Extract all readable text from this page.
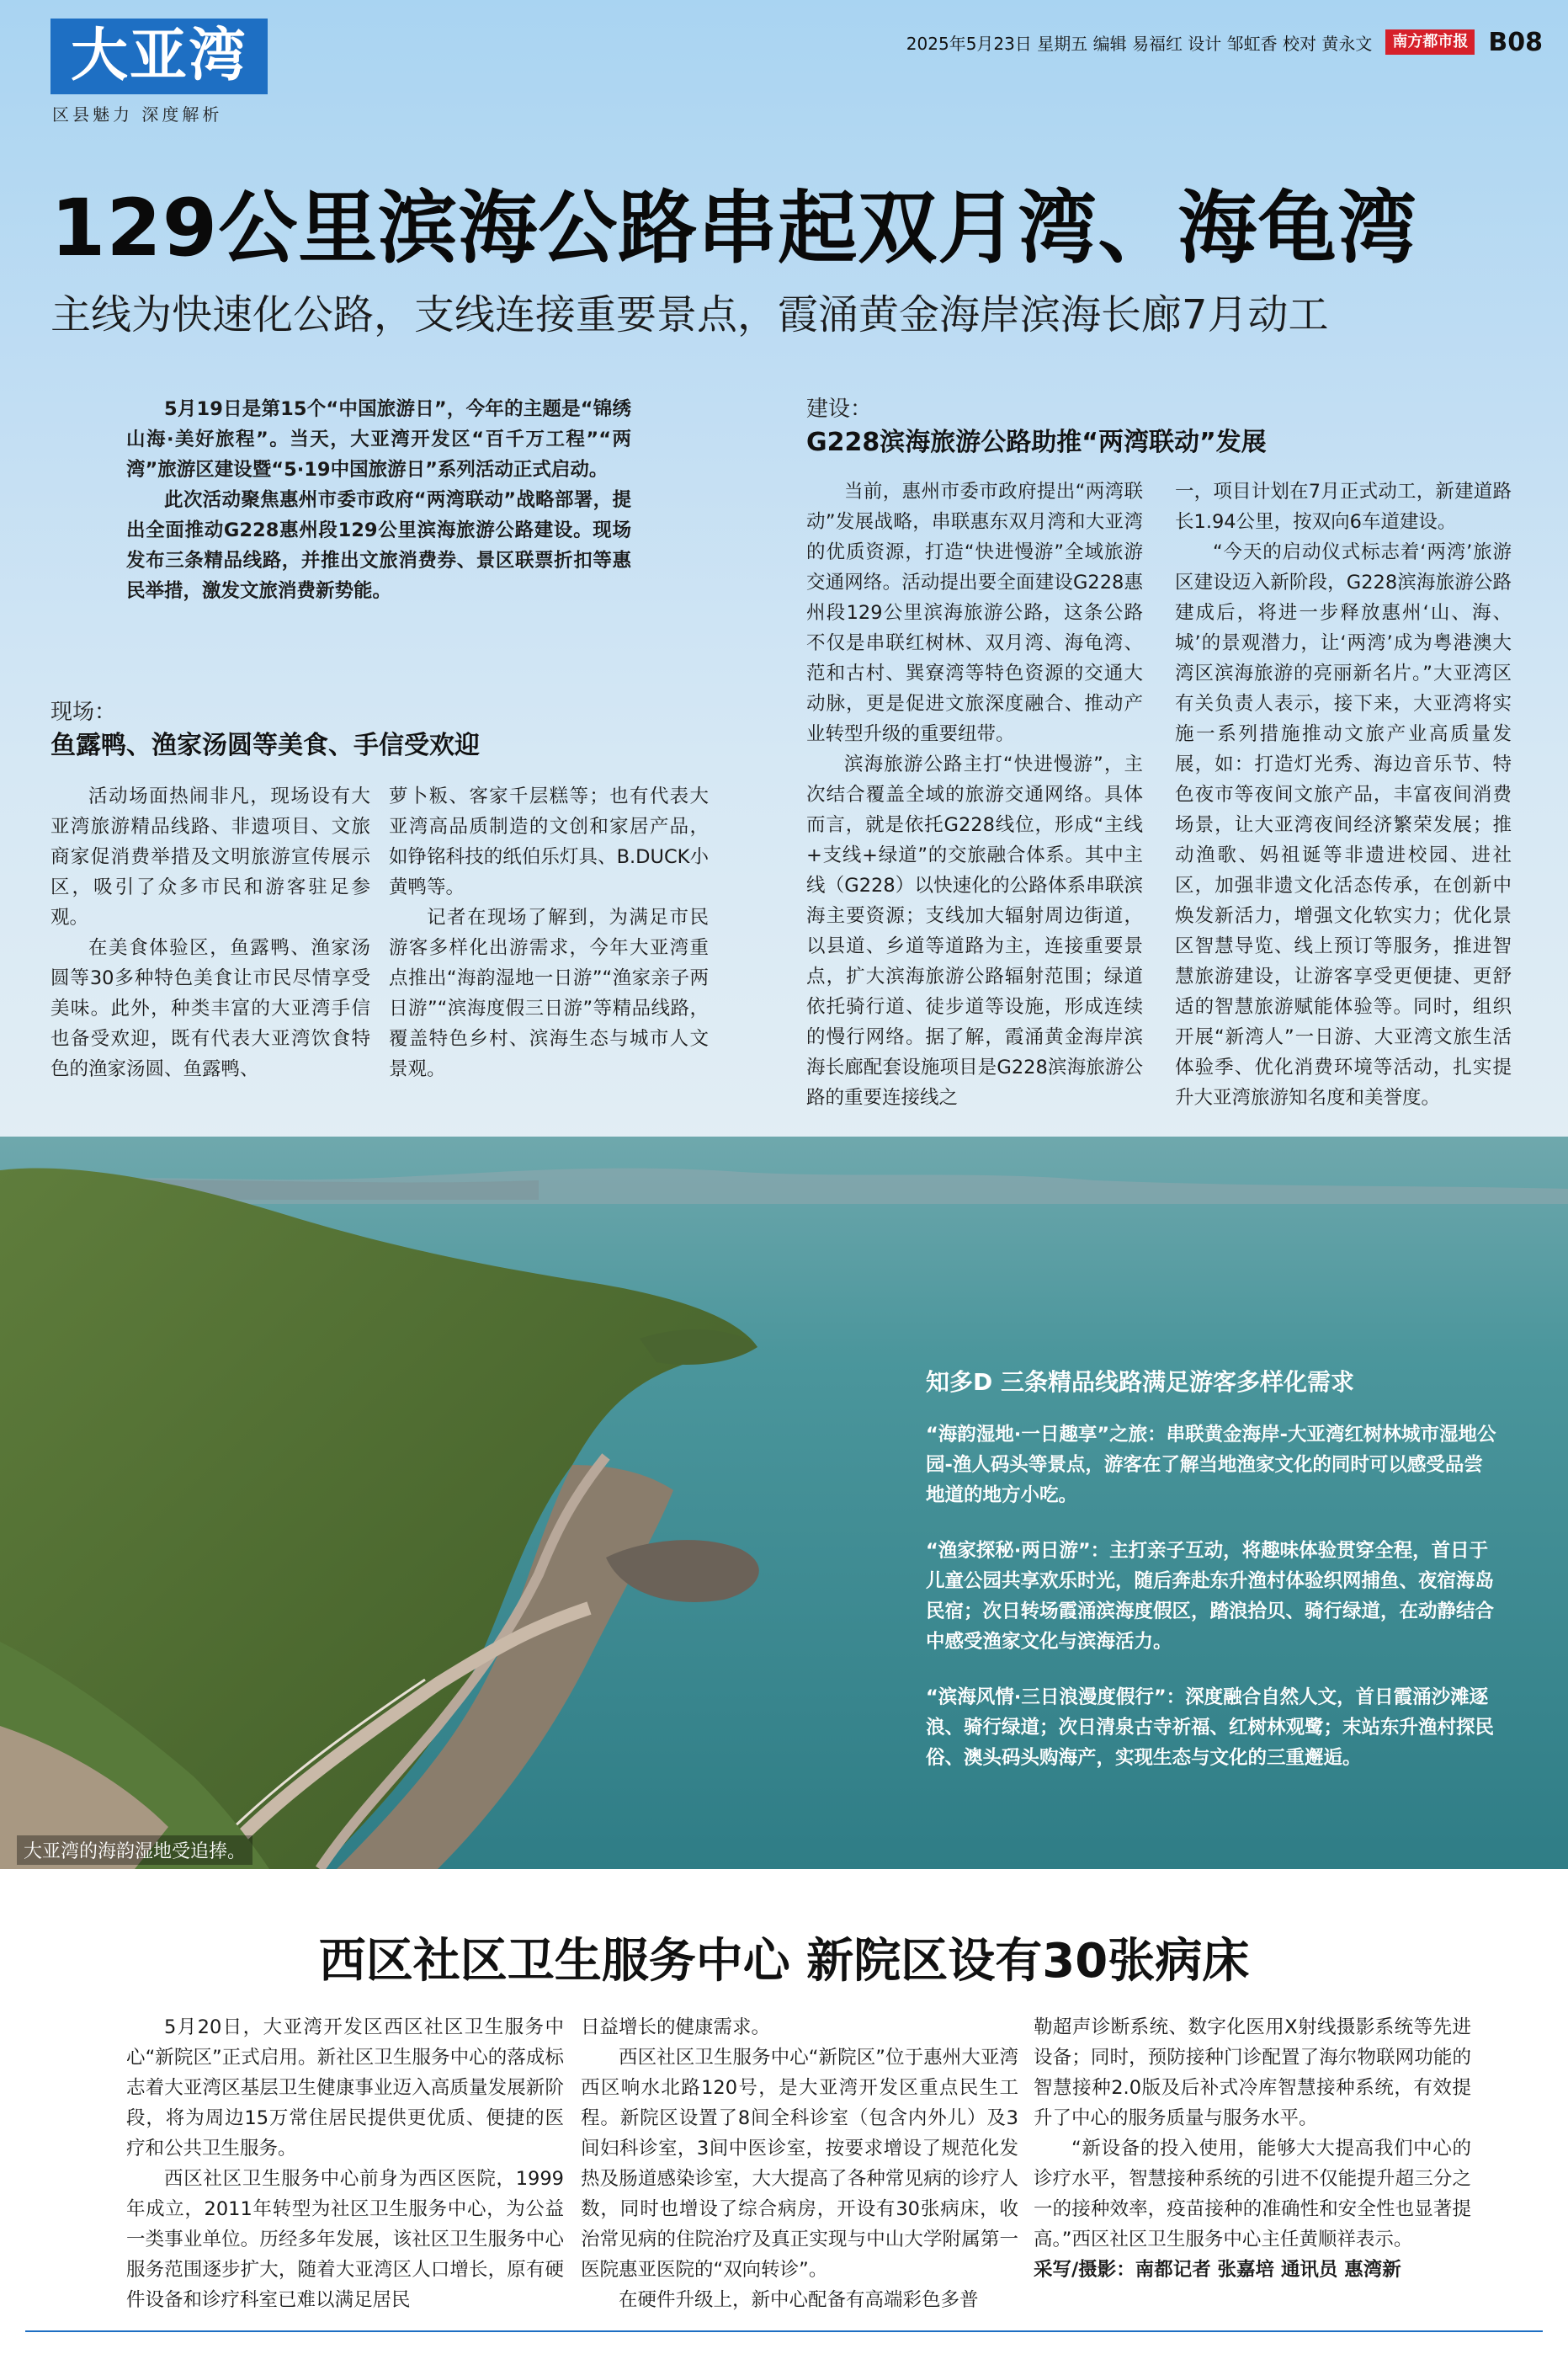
大亚湾
区县魅力 深度解析
2025年5月23日 星期五 编辑 易福红 设计 邹虹香 校对 黄永文	南方都市报 B08
129公里滨海公路串起双月湾、海龟湾
主线为快速化公路，支线连接重要景点，霞涌黄金海岸滨海长廊7月动工

5月19日是第15个“中国旅游日”，今年的主题是“锦绣山海·美好旅程”。当天，大亚湾开发区“百千万工程”“两湾”旅游区建设暨“5·19中国旅游日”系列活动正式启动。

此次活动聚焦惠州市委市政府“两湾联动”战略部署，提出全面推动G228惠州段129公里滨海旅游公路建设。现场发布三条精品线路，并推出文旅消费券、景区联票折扣等惠民举措，激发文旅消费新势能。

现场：
鱼露鸭、渔家汤圆等美食、手信受欢迎

活动场面热闹非凡，现场设有大亚湾旅游精品线路、非遗项目、文旅商家促消费举措及文明旅游宣传展示区，吸引了众多市民和游客驻足参观。

在美食体验区，鱼露鸭、渔家汤圆等30多种特色美食让市民尽情享受美味。此外，种类丰富的大亚湾手信也备受欢迎，既有代表大亚湾饮食特色的渔家汤圆、鱼露鸭、

萝卜粄、客家千层糕等；也有代表大亚湾高品质制造的文创和家居产品，如铮铭科技的纸伯乐灯具、B.DUCK小黄鸭等。

记者在现场了解到，为满足市民游客多样化出游需求，今年大亚湾重点推出“海韵湿地一日游”“渔家亲子两日游”“滨海度假三日游”等精品线路，覆盖特色乡村、滨海生态与城市人文景观。

建设：
G228滨海旅游公路助推“两湾联动”发展

当前，惠州市委市政府提出“两湾联动”发展战略，串联惠东双月湾和大亚湾的优质资源，打造“快进慢游”全域旅游交通网络。活动提出要全面建设G228惠州段129公里滨海旅游公路，这条公路不仅是串联红树林、双月湾、海龟湾、范和古村、巽寮湾等特色资源的交通大动脉，更是促进文旅深度融合、推动产业转型升级的重要纽带。

滨海旅游公路主打“快进慢游”，主次结合覆盖全域的旅游交通网络。具体而言，就是依托G228线位，形成“主线+支线+绿道”的交旅融合体系。其中主线（G228）以快速化的公路体系串联滨海主要资源；支线加大辐射周边街道，以县道、乡道等道路为主，连接重要景点，扩大滨海旅游公路辐射范围；绿道依托骑行道、徒步道等设施，形成连续的慢行网络。据了解，霞涌黄金海岸滨海长廊配套设施项目是G228滨海旅游公路的重要连接线之

一，项目计划在7月正式动工，新建道路长1.94公里，按双向6车道建设。

“今天的启动仪式标志着‘两湾’旅游区建设迈入新阶段，G228滨海旅游公路建成后，将进一步释放惠州‘山、海、城’的景观潜力，让‘两湾’成为粤港澳大湾区滨海旅游的亮丽新名片。”大亚湾区有关负责人表示，接下来，大亚湾将实施一系列措施推动文旅产业高质量发展，如：打造灯光秀、海边音乐节、特色夜市等夜间文旅产品，丰富夜间消费场景，让大亚湾夜间经济繁荣发展；推动渔歌、妈祖诞等非遗进校园、进社区，加强非遗文化活态传承，在创新中焕发新活力，增强文化软实力；优化景区智慧导览、线上预订等服务，推进智慧旅游建设，让游客享受更便捷、更舒适的智慧旅游赋能体验等。同时，组织开展“新湾人”一日游、大亚湾文旅生活体验季、优化消费环境等活动，扎实提升大亚湾旅游知名度和美誉度。

知多D 三条精品线路满足游客多样化需求

“海韵湿地·一日趣享”之旅：串联黄金海岸-大亚湾红树林城市湿地公园-渔人码头等景点，游客在了解当地渔家文化的同时可以感受品尝地道的地方小吃。

“渔家探秘·两日游”：主打亲子互动，将趣味体验贯穿全程，首日于儿童公园共享欢乐时光，随后奔赴东升渔村体验织网捕鱼、夜宿海岛民宿；次日转场霞涌滨海度假区，踏浪拾贝、骑行绿道，在动静结合中感受渔家文化与滨海活力。

“滨海风情·三日浪漫度假行”：深度融合自然人文，首日霞涌沙滩逐浪、骑行绿道；次日清泉古寺祈福、红树林观鹭；末站东升渔村探民俗、澳头码头购海产，实现生态与文化的三重邂逅。

大亚湾的海韵湿地受追捧。
西区社区卫生服务中心 新院区设有30张病床

5月20日，大亚湾开发区西区社区卫生服务中心“新院区”正式启用。新社区卫生服务中心的落成标志着大亚湾区基层卫生健康事业迈入高质量发展新阶段，将为周边15万常住居民提供更优质、便捷的医疗和公共卫生服务。

西区社区卫生服务中心前身为西区医院，1999年成立，2011年转型为社区卫生服务中心，为公益一类事业单位。历经多年发展，该社区卫生服务中心服务范围逐步扩大，随着大亚湾区人口增长，原有硬件设备和诊疗科室已难以满足居民

日益增长的健康需求。

西区社区卫生服务中心“新院区”位于惠州大亚湾西区响水北路120号，是大亚湾开发区重点民生工程。新院区设置了8间全科诊室（包含内外儿）及3间妇科诊室，3间中医诊室，按要求增设了规范化发热及肠道感染诊室，大大提高了各种常见病的诊疗人数，同时也增设了综合病房，开设有30张病床，收治常见病的住院治疗及真正实现与中山大学附属第一医院惠亚医院的“双向转诊”。

在硬件升级上，新中心配备有高端彩色多普

勒超声诊断系统、数字化医用X射线摄影系统等先进设备；同时，预防接种门诊配置了海尔物联网功能的智慧接种2.0版及后补式冷库智慧接种系统，有效提升了中心的服务质量与服务水平。

“新设备的投入使用，能够大大提高我们中心的诊疗水平，智慧接种系统的引进不仅能提升超三分之一的接种效率，疫苗接种的准确性和安全性也显著提高。”西区社区卫生服务中心主任黄顺祥表示。

采写/摄影：南都记者 张嘉培 通讯员 惠湾新
